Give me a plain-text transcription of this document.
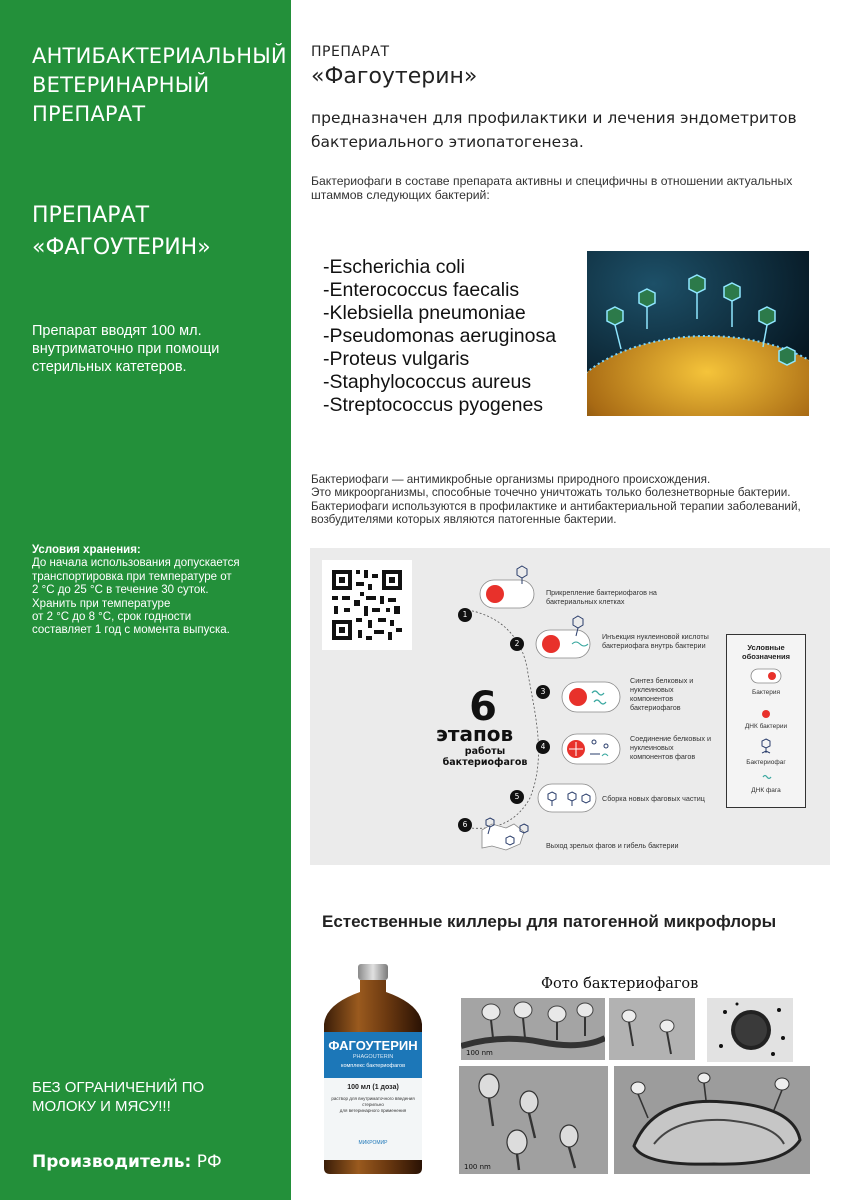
АНТИБАКТЕРИАЛЬНЫЙ ВЕТЕРИНАРНЫЙ ПРЕПАРАТ
ПРЕПАРАТ
«ФАГОУТЕРИН»
Препарат вводят 100 мл. внутриматочно при помощи стерильных катетеров.
Условия хранения:
До начала использования допускается
транспортировка при температуре от
2 °С до 25 °С в течение 30 суток.
Хранить при температуре
от 2 °С до 8 °С, срок годности
составляет 1 год с момента выпуска.
БЕЗ ОГРАНИЧЕНИЙ ПО МОЛОКУ И МЯСУ!!!
Производитель: РФ
ПРЕПАРАТ
«Фагоутерин»
предназначен для профилактики и лечения эндометритов бактериального этиопатогенеза.
Бактериофаги в составе препарата активны и специфичны в отношении актуальных штаммов следующих бактерий:
-Escherichia coli
-Enterococcus faecalis
-Klebsiella pneumoniae
-Pseudomonas aeruginosa
-Proteus vulgaris
-Staphylococcus aureus
-Streptococcus pyogenes
Бактериофаги — антимикробные организмы природного происхождения.
Это микроорганизмы, способные точечно уничтожать только болезнетворные бактерии.
Бактериофаги используются в профилактике и антибактериальной терапии заболеваний,
возбудителями которых являются патогенные бактерии.
6
этапов
работы
бактериофагов
1
2
3
4
5
6
Прикрепление бактериофагов на бактериальных клетках
Инъекция нуклеиновой кислоты бактериофага внутрь бактерии
Синтез белковых и нуклеиновых компонентов бактериофагов
Соединение белковых и нуклеиновых компонентов фагов
Сборка новых фаговых частиц
Выход зрелых фагов и гибель бактерии
Условные
обозначения
Бактерия
ДНК бактерии
Бактериофаг
ДНК фага
Естественные киллеры для патогенной микрофлоры
ФАГОУТЕРИН
PHAGOUTERIN
комплекс бактериофагов
100 мл (1 доза)
раствор для внутриматочного введения
стерильно
для ветеринарного применения
МИКРОМИР
Фото бактериофагов
100 nm
100 nm
